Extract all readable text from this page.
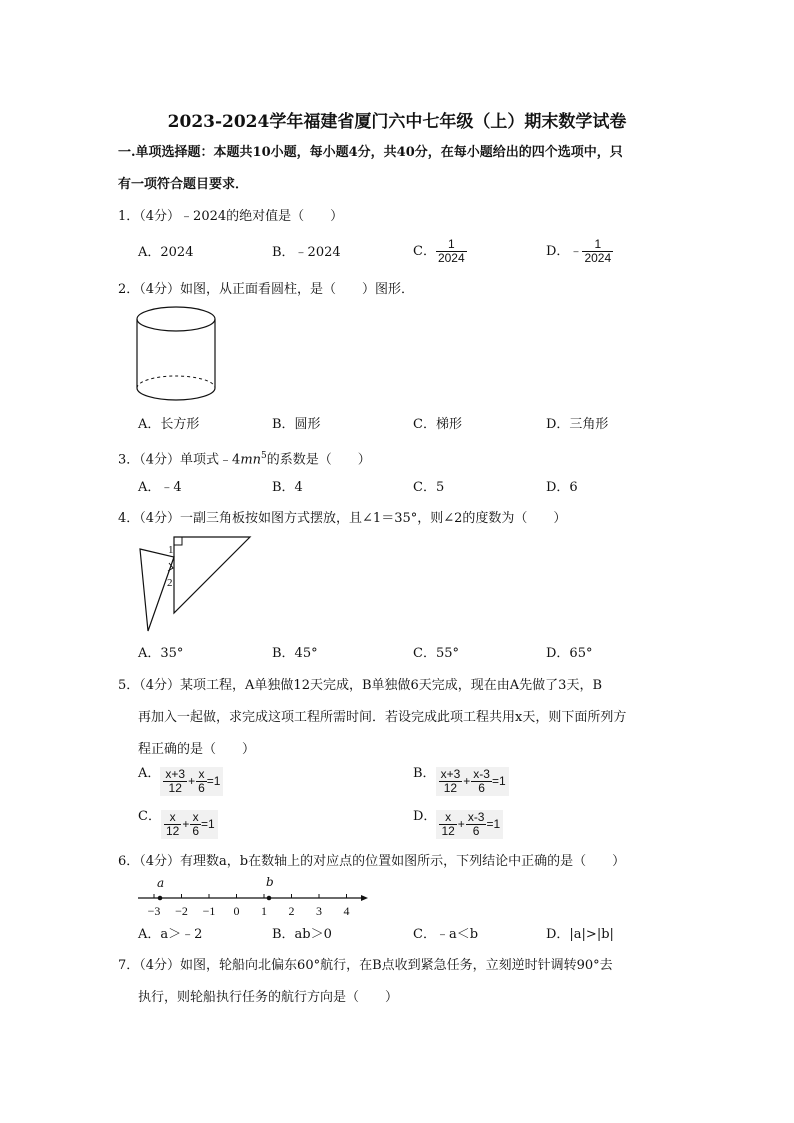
2023-2024学年福建省厦门六中七年级（上）期末数学试卷
一.单项选择题：本题共10小题，每小题4分，共40分，在每小题给出的四个选项中，只
有一项符合题目要求．
1．（4分）﹣2024的绝对值是（　　）
A．2024	B．﹣2024	C． $\frac{1}{2024}$	D．﹣ $\frac{1}{2024}$
2．（4分）如图，从正面看圆柱，是（　　）图形．
A．长方形	B．圆形	C．梯形	D．三角形
3．（4分）单项式$﹣4mn^5$的系数是（　　）
A．﹣4	B．4	C．5	D．6
4．（4分）一副三角板按如图方式摆放，且∠1＝35°，则∠2的度数为（　　）
1
2
A．35°	B．45°	C．55°	D．65°
5．（4分）某项工程，A单独做12天完成，B单独做6天完成，现在由A先做了3天，B
再加入一起做，求完成这项工程所需时间．若设完成此项工程共用x天，则下面所列方
程正确的是（　　）
A． $\frac{x+3}{12} + \frac{x}{6} =1$	B． $\frac{x+3}{12} + \frac{x-3}{6} =1$
C． $\frac{x}{12} + \frac{x}{6} =1$	D． $\frac{x}{12} + \frac{x-3}{6} =1$
6．（4分）有理数a，b在数轴上的对应点的位置如图所示，下列结论中正确的是（　　）
a	b
−3 −2 −1	0	1	2	3	4
A．a＞﹣2	B．ab＞0	C．﹣a＜b	D．|a|>|b|
7．（4分）如图，轮船向北偏东60°航行，在B点收到紧急任务，立刻逆时针调转90°去
执行，则轮船执行任务的航行方向是（　　）
